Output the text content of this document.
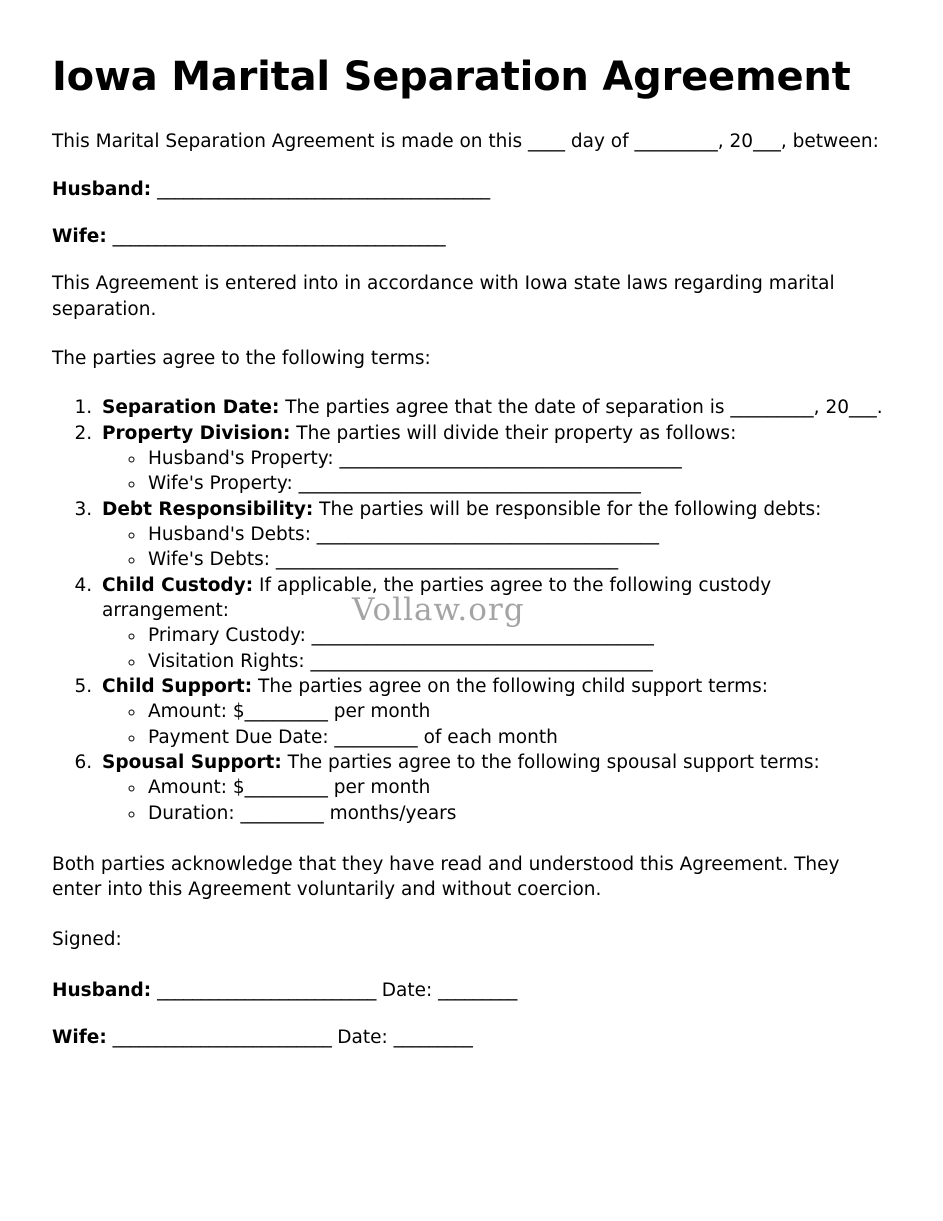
Iowa Marital Separation Agreement

This Marital Separation Agreement is made on this ____ day of _________, 20___, between:

Husband: ______________________________________

Wife: ______________________________________

This Agreement is entered into in accordance with Iowa state laws regarding marital separation.

The parties agree to the following terms:

1. Separation Date: The parties agree that the date of separation is _________, 20___.
2. Property Division: The parties will divide their property as follows:
◦ Husband's Property: _____________________________________
◦ Wife's Property: _____________________________________
3. Debt Responsibility: The parties will be responsible for the following debts:
◦ Husband's Debts: _____________________________________
◦ Wife's Debts: _____________________________________
4. Child Custody: If applicable, the parties agree to the following custody arrangement:
◦ Primary Custody: _____________________________________
◦ Visitation Rights: _____________________________________
5. Child Support: The parties agree on the following child support terms:
◦ Amount: $_________ per month
◦ Payment Due Date: _________ of each month
6. Spousal Support: The parties agree to the following spousal support terms:
◦ Amount: $_________ per month
◦ Duration: _________ months/years

Both parties acknowledge that they have read and understood this Agreement. They enter into this Agreement voluntarily and without coercion.

Signed:

Husband: _________________________ Date: _________

Wife: _________________________ Date: _________

Vollaw.org
